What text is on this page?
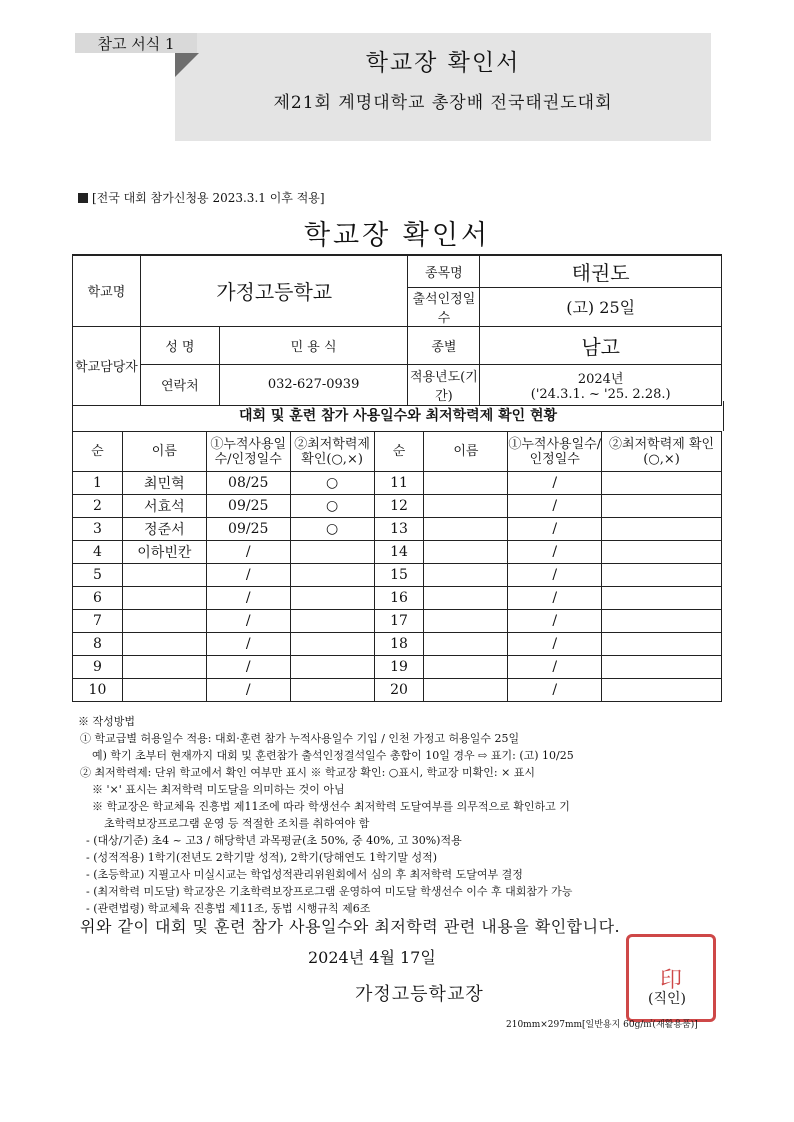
참고 서식 1
학교장 확인서
제21회 계명대학교 총장배 전국태권도대회
[전국 대회 참가신청용 2023.3.1 이후 적용]
학교장 확인서
학교명	가정고등학교		종목명	태권도
			출석인정일수	(고) 25일
학교담당자	성 명	민 용 식	종별	남고
	연락처	032-627-0939	적용년도(기간)	2024년
('24.3.1. ~ '25. 2.28.)
대회 및 훈련 참가 사용일수와 최저학력제 확인 현황
순	이름	①누적사용일수/인정일수	②최저학력제 확인(○,×)	순	이름	①누적사용일수/인정일수	②최저학력제 확인(○,×)
1	최민혁	08/25	○	11		/	
2	서효석	09/25	○	12		/	
3	정준서	09/25	○	13		/	
4	이하빈칸	/		14		/	
5		/		15		/	
6		/		16		/	
7		/		17		/	
8		/		18		/	
9		/		19		/	
10		/		20		/	
※ 작성방법
① 학교급별 허용일수 적용: 대회·훈련 참가 누적사용일수 기입 / 인천 가정고 허용일수 25일
예) 학기 초부터 현재까지 대회 및 훈련참가 출석인정결석일수 총합이 10일 경우 ⇨ 표기: (고) 10/25
② 최저학력제: 단위 학교에서 확인 여부만 표시 ※ 학교장 확인: ○표시, 학교장 미확인: × 표시
※ '×' 표시는 최저학력 미도달을 의미하는 것이 아님
※ 학교장은 학교체육 진흥법 제11조에 따라 학생선수 최저학력 도달여부를 의무적으로 확인하고 기
초학력보장프로그램 운영 등 적절한 조치를 취하여야 함
- (대상/기준) 초4 ~ 고3 / 해당학년 과목평균(초 50%, 중 40%, 고 30%)적용
- (성적적용) 1학기(전년도 2학기말 성적), 2학기(당해연도 1학기말 성적)
- (초등학교) 지필고사 미실시교는 학업성적관리위원회에서 심의 후 최저학력 도달여부 결정
- (최저학력 미도달) 학교장은 기초학력보장프로그램 운영하여 미도달 학생선수 이수 후 대회참가 가능
- (관련법령) 학교체육 진흥법 제11조, 동법 시행규칙 제6조
위와 같이 대회 및 훈련 참가 사용일수와 최저학력 관련 내용을 확인합니다.
2024년 4월 17일
가정고등학교장
印
(직인)
210mm×297mm[일반용지 60g/㎡(재활용품)]
